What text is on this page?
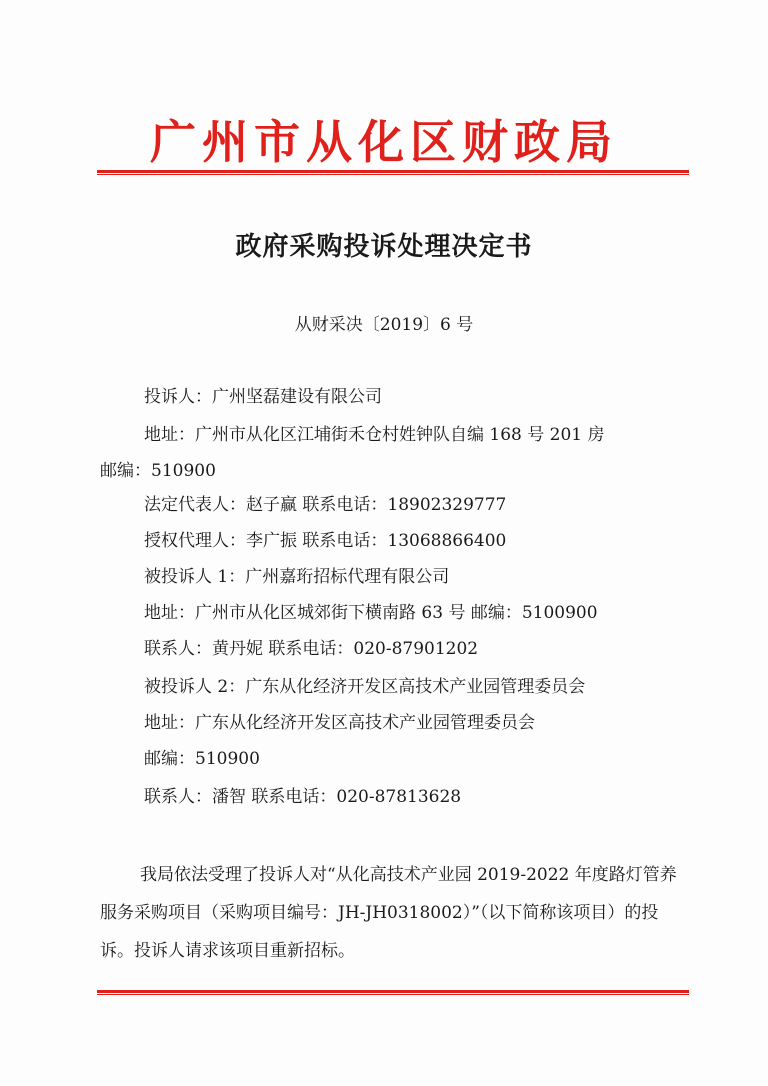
广州市从化区财政局
政府采购投诉处理决定书
从财采决〔2019〕6 号
投诉人：广州坚磊建设有限公司
地址：广州市从化区江埔街禾仓村姓钟队自编 168 号 201 房
邮编：510900
法定代表人：赵子赢 联系电话：18902329777
授权代理人：李广振 联系电话：13068866400
被投诉人 1：广州嘉珩招标代理有限公司
地址：广州市从化区城郊街下横南路 63 号 邮编：5100900
联系人：黄丹妮 联系电话：020-87901202
被投诉人 2：广东从化经济开发区高技术产业园管理委员会
地址：广东从化经济开发区高技术产业园管理委员会
邮编：510900
联系人：潘智 联系电话：020-87813628
我局依法受理了投诉人对“从化高技术产业园 2019-2022 年度路灯管养服务采购项目（采购项目编号：JH-JH0318002）”（以下简称该项目）的投诉。投诉人请求该项目重新招标。
